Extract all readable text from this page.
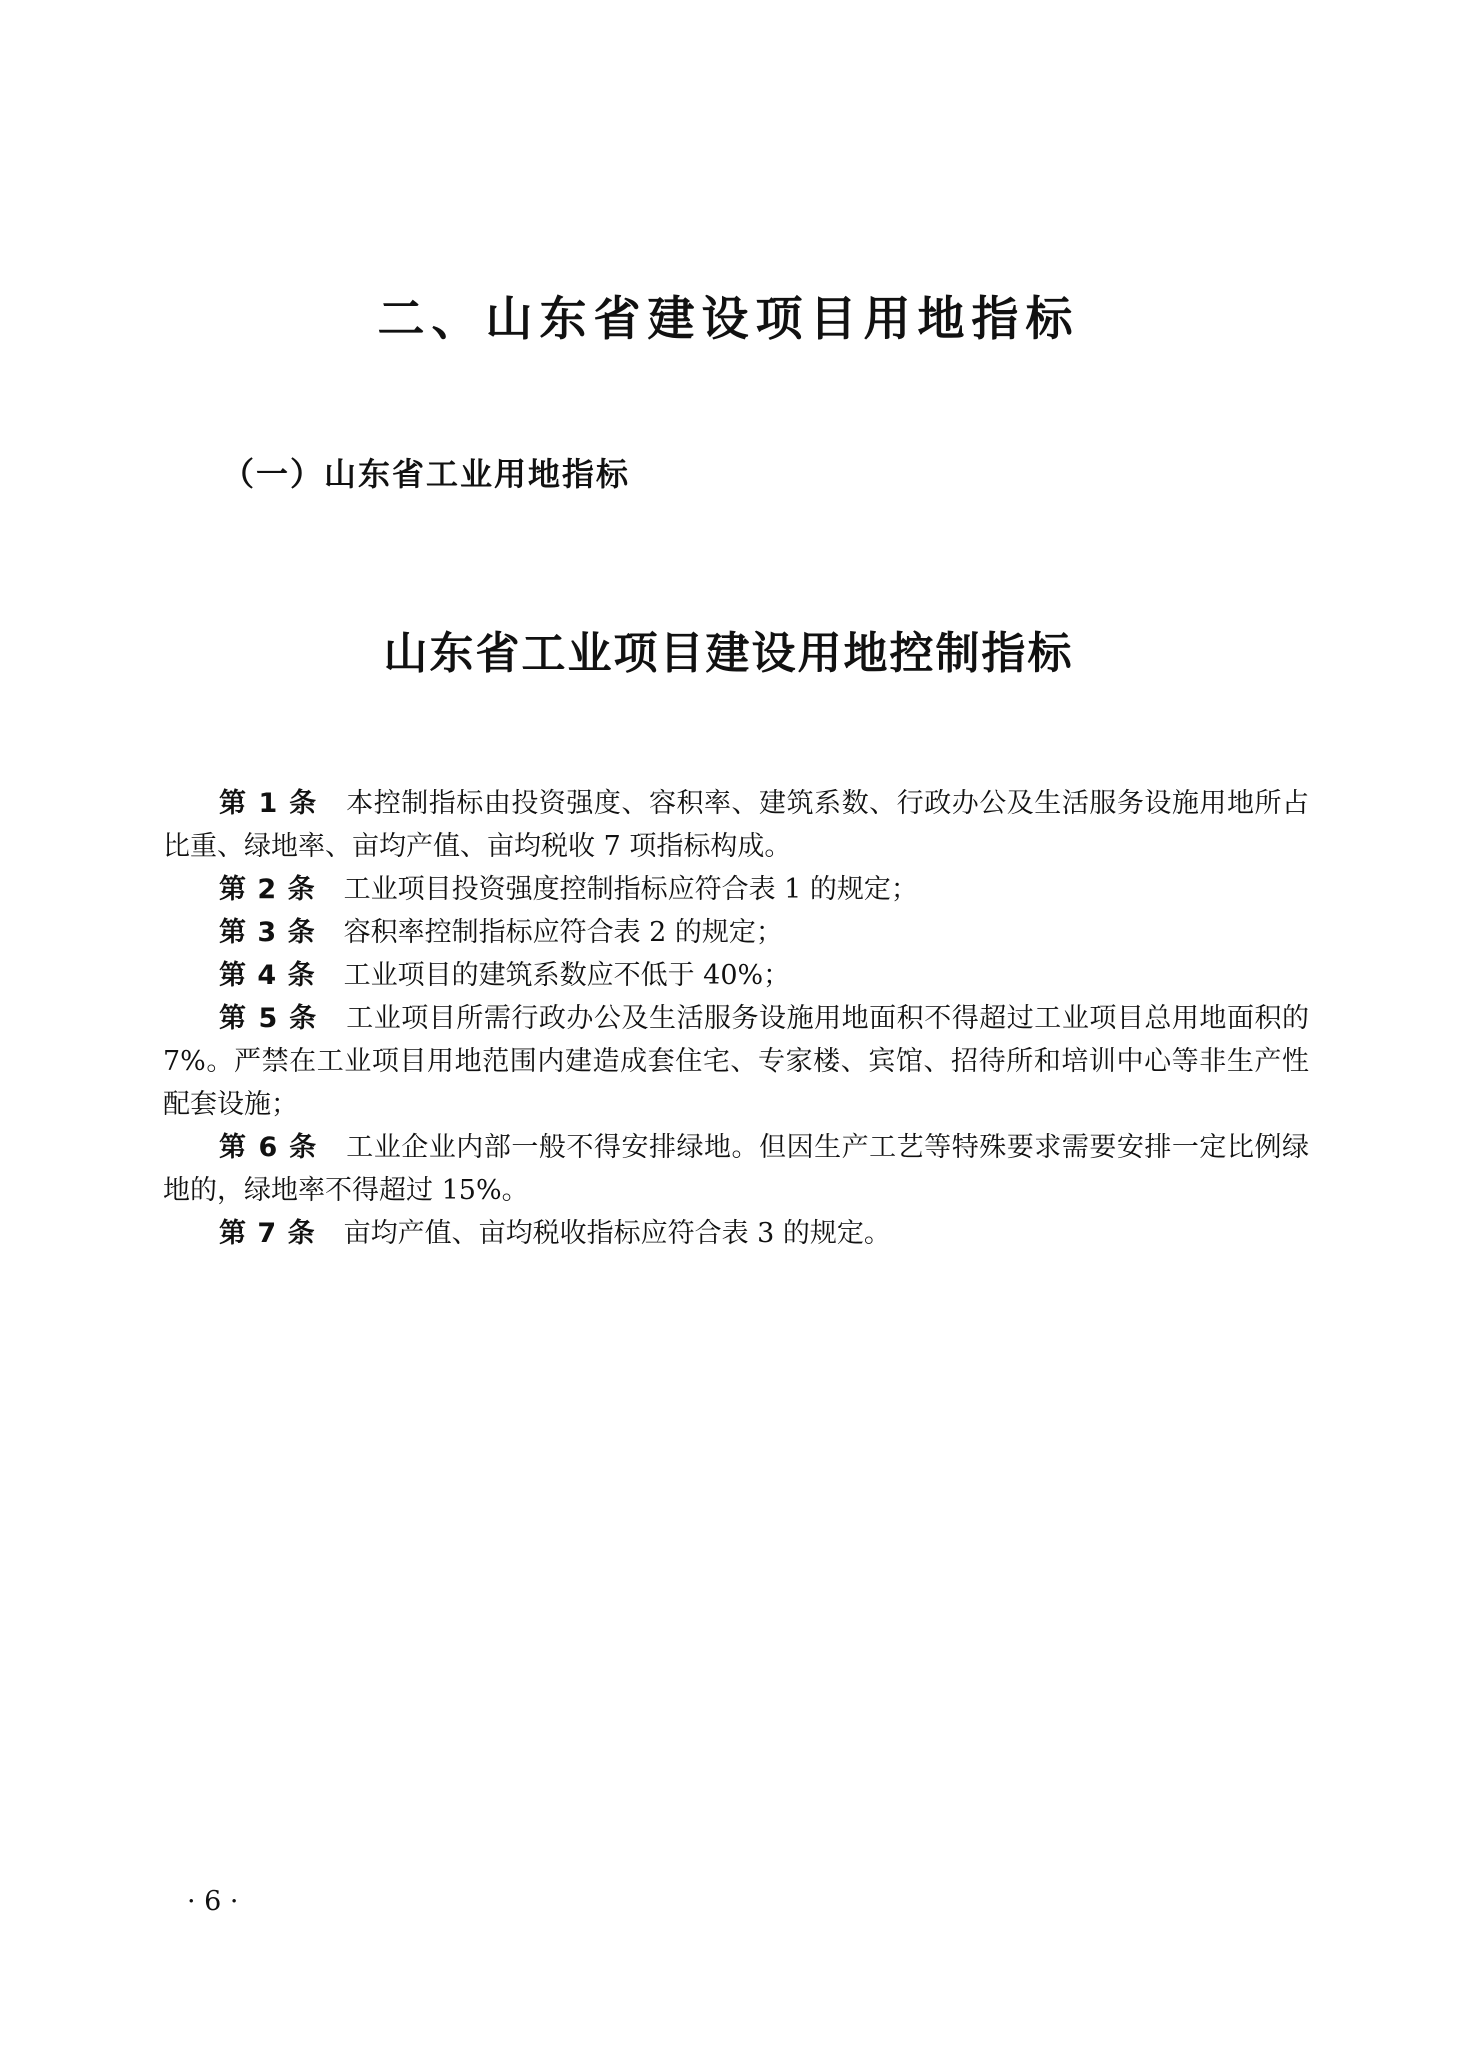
二、山东省建设项目用地指标
（一）山东省工业用地指标
山东省工业项目建设用地控制指标

第 1 条 本控制指标由投资强度、容积率、建筑系数、行政办公及生活服务设施用地所占比重、绿地率、亩均产值、亩均税收 7 项指标构成。

第 2 条 工业项目投资强度控制指标应符合表 1 的规定；

第 3 条 容积率控制指标应符合表 2 的规定；

第 4 条 工业项目的建筑系数应不低于 40%；

第 5 条 工业项目所需行政办公及生活服务设施用地面积不得超过工业项目总用地面积的 7%。严禁在工业项目用地范围内建造成套住宅、专家楼、宾馆、招待所和培训中心等非生产性配套设施；

第 6 条 工业企业内部一般不得安排绿地。但因生产工艺等特殊要求需要安排一定比例绿地的，绿地率不得超过 15%。

第 7 条 亩均产值、亩均税收指标应符合表 3 的规定。

· 6 ·
